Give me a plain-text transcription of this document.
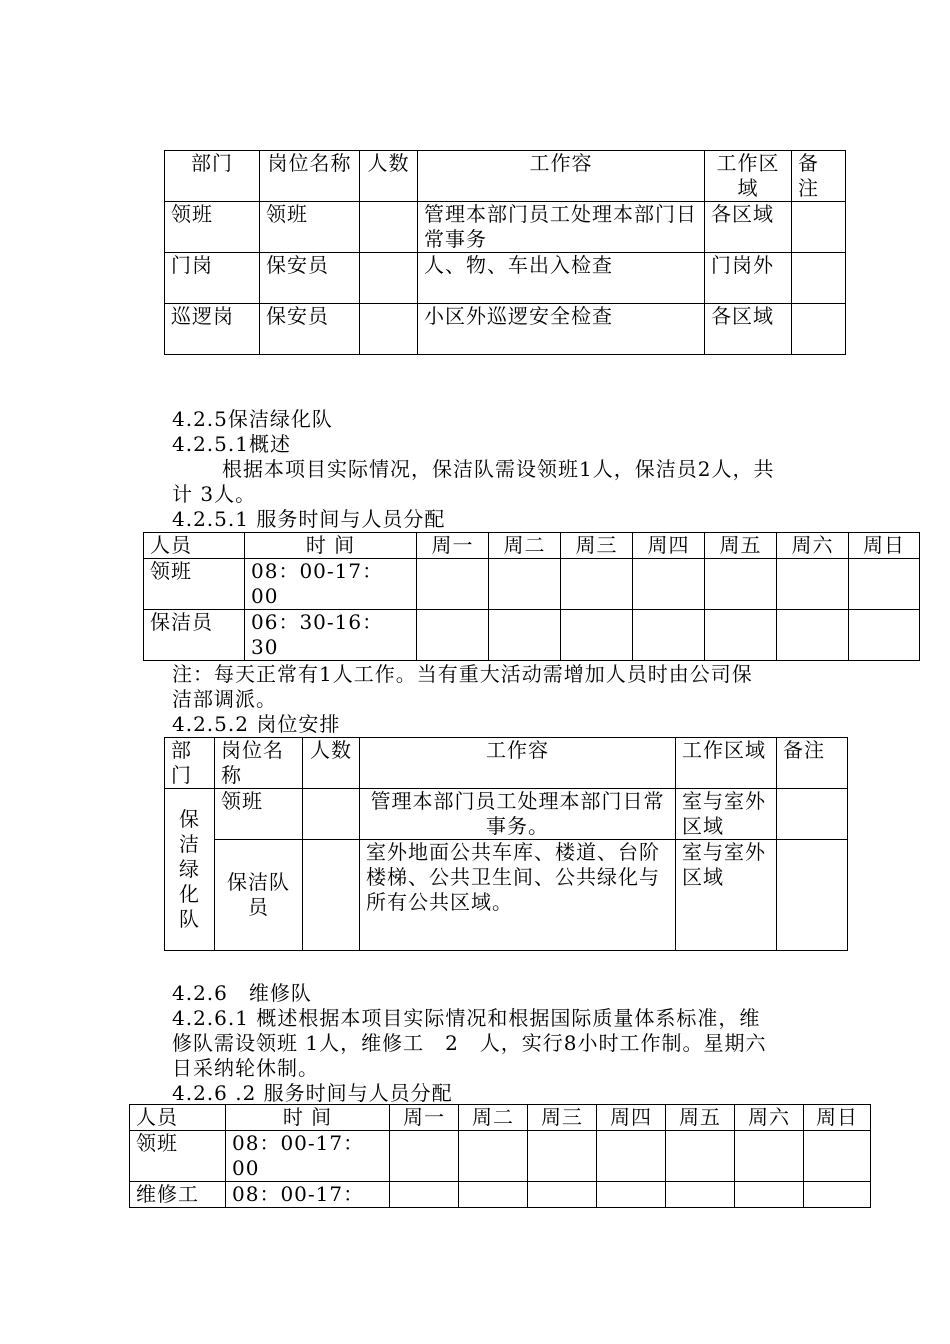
部门	岗位名称	人数	工作容	工作区域	备注
领班	领班		管理本部门员工处理本部门日常事务	各区域	
门岗	保安员		人、物、车出入检查	门岗外	
巡逻岗	保安员		小区外巡逻安全检查	各区域	

4.2.5保洁绿化队

4.2.5.1概述

根据本项目实际情况，保洁队需设领班1人，保洁员2人，共

计 3人。

4.2.5.1 服务时间与人员分配

人员	时 间	周一	周二	周三	周四	周五	周六	周日
领班	08：00-17：00							
保洁员	06：30-16：30							

注：每天正常有1人工作。当有重大活动需增加人员时由公司保

洁部调派。

4.2.5.2 岗位安排

部门	岗位名称	人数	工作容	工作区域	备注
保洁绿化队	领班		管理本部门员工处理本部门日常事务。	室与室外区域	
	保洁队员		室外地面公共车库、楼道、台阶楼梯、公共卫生间、公共绿化与所有公共区域。	室与室外区域	

4.2.6　维修队

4.2.6.1 概述根据本项目实际情况和根据国际质量体系标准，维

修队需设领班 1人，维修工　2　人，实行8小时工作制。星期六

日采纳轮休制。

4.2.6 .2 服务时间与人员分配

人员	时 间	周一	周二	周三	周四	周五	周六	周日
领班	08：00-17：00							
维修工	08：00-17：							
